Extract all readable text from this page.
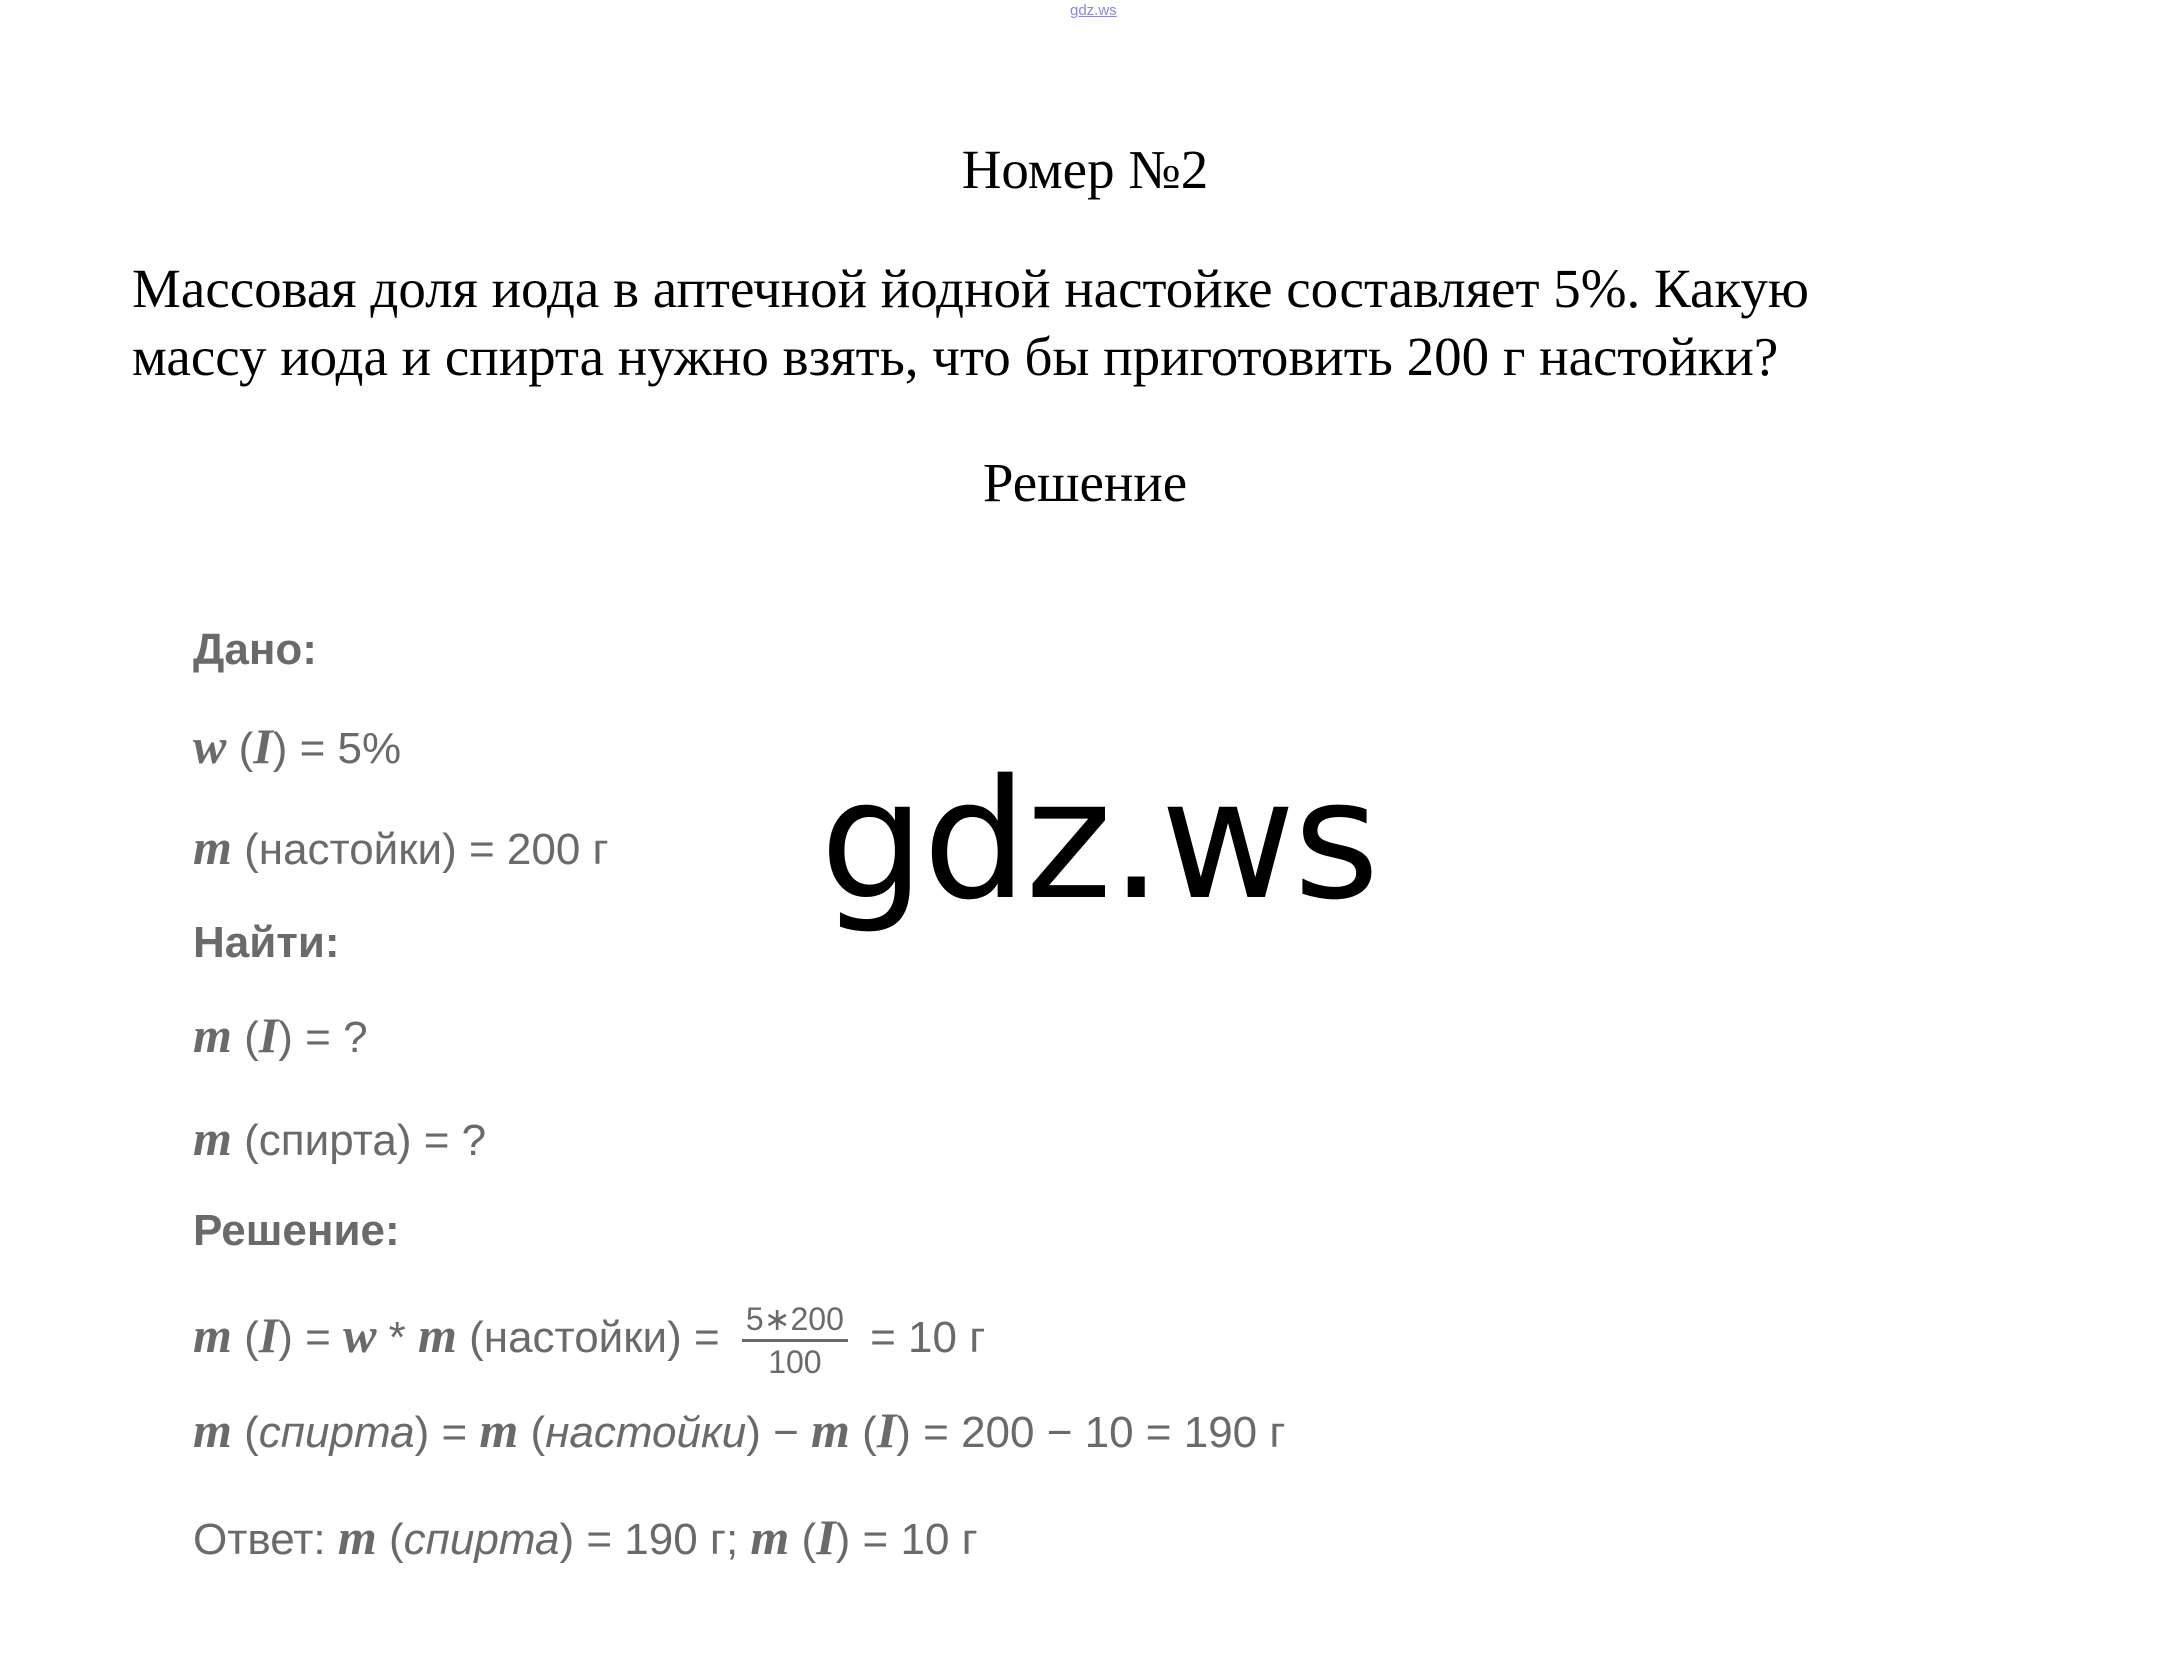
gdz.ws
Номер №2
Массовая доля иода в аптечной йодной настойке составляет 5%. Какую
массу иода и спирта нужно взять, что бы приготовить 200 г настойки?
Решение
Дано:
w (I) = 5%
m (настойки) = 200 г
Найти:
m (I) = ?
m (спирта) = ?
Решение:
m (I) = w * m (настойки) = $\frac{5∗200}{100} = 10$ г
m (спирта) = m (настойки) − m (I) = 200 − 10 = 190 г
Ответ: m (спирта) = 190 г; m (I) = 10 г
gdz.ws
